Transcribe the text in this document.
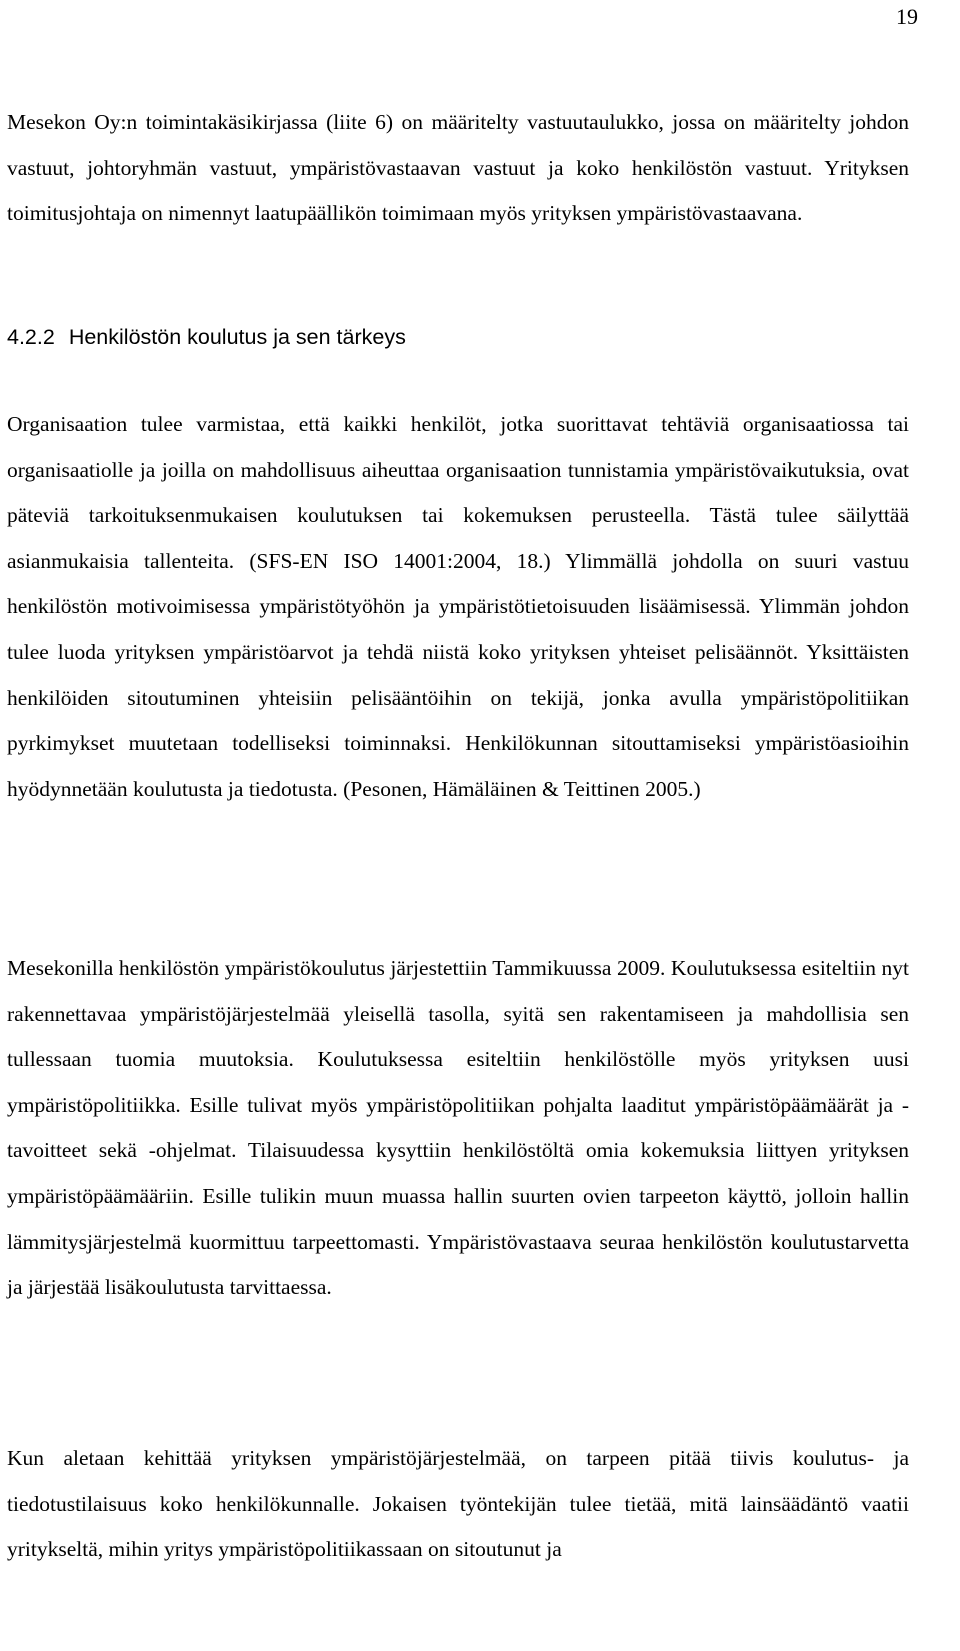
19

Mesekon Oy:n toimintakäsikirjassa (liite 6) on määritelty vastuutaulukko, jossa on määritelty johdon vastuut, johtoryhmän vastuut, ympäristövastaavan vastuut ja koko henkilöstön vastuut. Yrityksen toimitusjohtaja on nimennyt laatupäällikön toimimaan myös yrityksen ympäristövastaavana.

4.2.2 Henkilöstön koulutus ja sen tärkeys

Organisaation tulee varmistaa, että kaikki henkilöt, jotka suorittavat tehtäviä organisaatiossa tai organisaatiolle ja joilla on mahdollisuus aiheuttaa organisaation tunnistamia ympäristövaikutuksia, ovat päteviä tarkoituksenmukaisen koulutuksen tai kokemuksen perusteella. Tästä tulee säilyttää asianmukaisia tallenteita. (SFS-EN ISO 14001:2004, 18.) Ylimmällä johdolla on suuri vastuu henkilöstön motivoimisessa ympäristötyöhön ja ympäristötietoisuuden lisäämisessä. Ylimmän johdon tulee luoda yrityksen ympäristöarvot ja tehdä niistä koko yrityksen yhteiset pelisäännöt. Yksittäisten henkilöiden sitoutuminen yhteisiin pelisääntöihin on tekijä, jonka avulla ympäristöpolitiikan pyrkimykset muutetaan todelliseksi toiminnaksi. Henkilökunnan sitouttamiseksi ympäristöasioihin hyödynnetään koulutusta ja tiedotusta. (Pesonen, Hämäläinen & Teittinen 2005.)

Mesekonilla henkilöstön ympäristökoulutus järjestettiin Tammikuussa 2009. Koulutuksessa esiteltiin nyt rakennettavaa ympäristöjärjestelmää yleisellä tasolla, syitä sen rakentamiseen ja mahdollisia sen tullessaan tuomia muutoksia. Koulutuksessa esiteltiin henkilöstölle myös yrityksen uusi ympäristöpolitiikka. Esille tulivat myös ympäristöpolitiikan pohjalta laaditut ympäristöpäämäärät ja -tavoitteet sekä -ohjelmat. Tilaisuudessa kysyttiin henkilöstöltä omia kokemuksia liittyen yrityksen ympäristöpäämääriin. Esille tulikin muun muassa hallin suurten ovien tarpeeton käyttö, jolloin hallin lämmitysjärjestelmä kuormittuu tarpeettomasti. Ympäristövastaava seuraa henkilöstön koulutustarvetta ja järjestää lisäkoulutusta tarvittaessa.

Kun aletaan kehittää yrityksen ympäristöjärjestelmää, on tarpeen pitää tiivis koulutus- ja tiedotustilaisuus koko henkilökunnalle. Jokaisen työntekijän tulee tietää, mitä lainsäädäntö vaatii yritykseltä, mihin yritys ympäristöpolitiikassaan on sitoutunut ja
